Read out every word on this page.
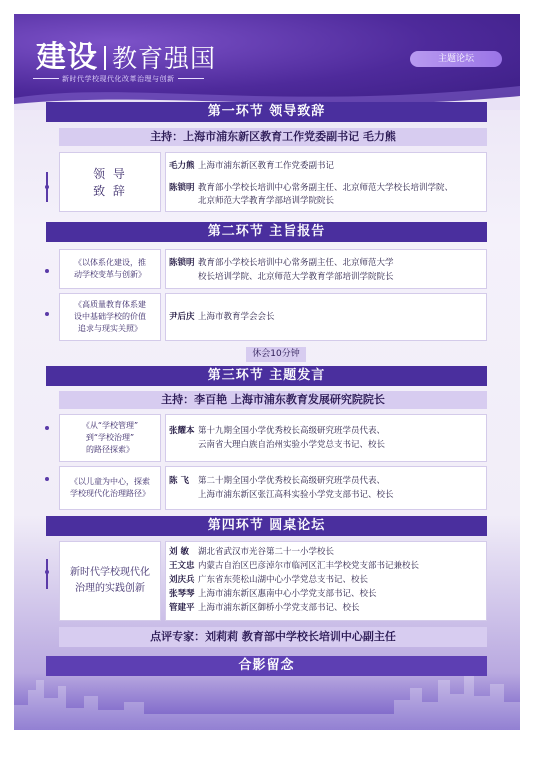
建设 教育强国
新时代学校现代化改革治理与创新
主题论坛
第一环节 领导致辞
主持：上海市浦东新区教育工作党委副书记 毛力熊
领 导
致 辞
毛力熊 上海市浦东新区教育工作党委副书记
陈锁明 教育部小学校长培训中心常务副主任、北京师范大学校长培训学院、
北京师范大学教育学部培训学院院长
第二环节 主旨报告
《以体系化建设，推
动学校变革与创新》
陈锁明 教育部小学校长培训中心常务副主任、北京师范大学
校长培训学院、北京师范大学教育学部培训学院院长
《高质量教育体系建
设中基础学校的价值
追求与现实关照》
尹后庆 上海市教育学会会长
休会10分钟
第三环节 主题发言
主持：李百艳 上海市浦东教育发展研究院院长
《从“学校管理”
到“学校治理”
的路径探索》
张耀本 第十九期全国小学优秀校长高级研究班学员代表、
云南省大理白族自治州实验小学党总支书记、校长
《以儿童为中心，探索
学校现代化治理路径》
陈 飞 第二十期全国小学优秀校长高级研究班学员代表、
上海市浦东新区张江高科实验小学党支部书记、校长
第四环节 圆桌论坛
新时代学校现代化
治理的实践创新
刘 敏 湖北省武汉市光谷第二十一小学校长
王文忠 内蒙古自治区巴彦淖尔市临河区汇丰学校党支部书记兼校长
刘庆兵 广东省东莞松山湖中心小学党总支书记、校长
张琴琴 上海市浦东新区惠南中心小学党支部书记、校长
管建平 上海市浦东新区御桥小学党支部书记、校长
点评专家：刘莉莉 教育部中学校长培训中心副主任
合影留念
